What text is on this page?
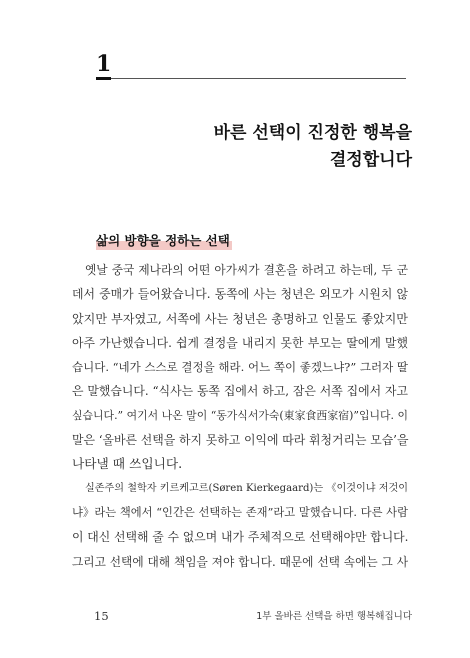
1
바른 선택이 진정한 행복을
결정합니다
삶의 방향을 정하는 선택
옛날 중국 제나라의 어떤 아가씨가 결혼을 하려고 하는데, 두 군
데서 중매가 들어왔습니다. 동쪽에 사는 청년은 외모가 시원치 않
았지만 부자였고, 서쪽에 사는 청년은 총명하고 인물도 좋았지만
아주 가난했습니다. 쉽게 결정을 내리지 못한 부모는 딸에게 말했
습니다. “네가 스스로 결정을 해라. 어느 쪽이 좋겠느냐?” 그러자 딸
은 말했습니다. “식사는 동쪽 집에서 하고, 잠은 서쪽 집에서 자고
싶습니다.” 여기서 나온 말이 “동가식서가숙(東家食西家宿)”입니다. 이
말은 ‘올바른 선택을 하지 못하고 이익에 따라 휘청거리는 모습’을
나타낼 때 쓰입니다.
실존주의 철학자 키르케고르(Søren Kierkegaard)는 《이것이냐 저것이
냐》라는 책에서 “인간은 선택하는 존재”라고 말했습니다. 다른 사람
이 대신 선택해 줄 수 없으며 내가 주체적으로 선택해야만 합니다.
그리고 선택에 대해 책임을 져야 합니다. 때문에 선택 속에는 그 사
15	1부 올바른 선택을 하면 행복해집니다
